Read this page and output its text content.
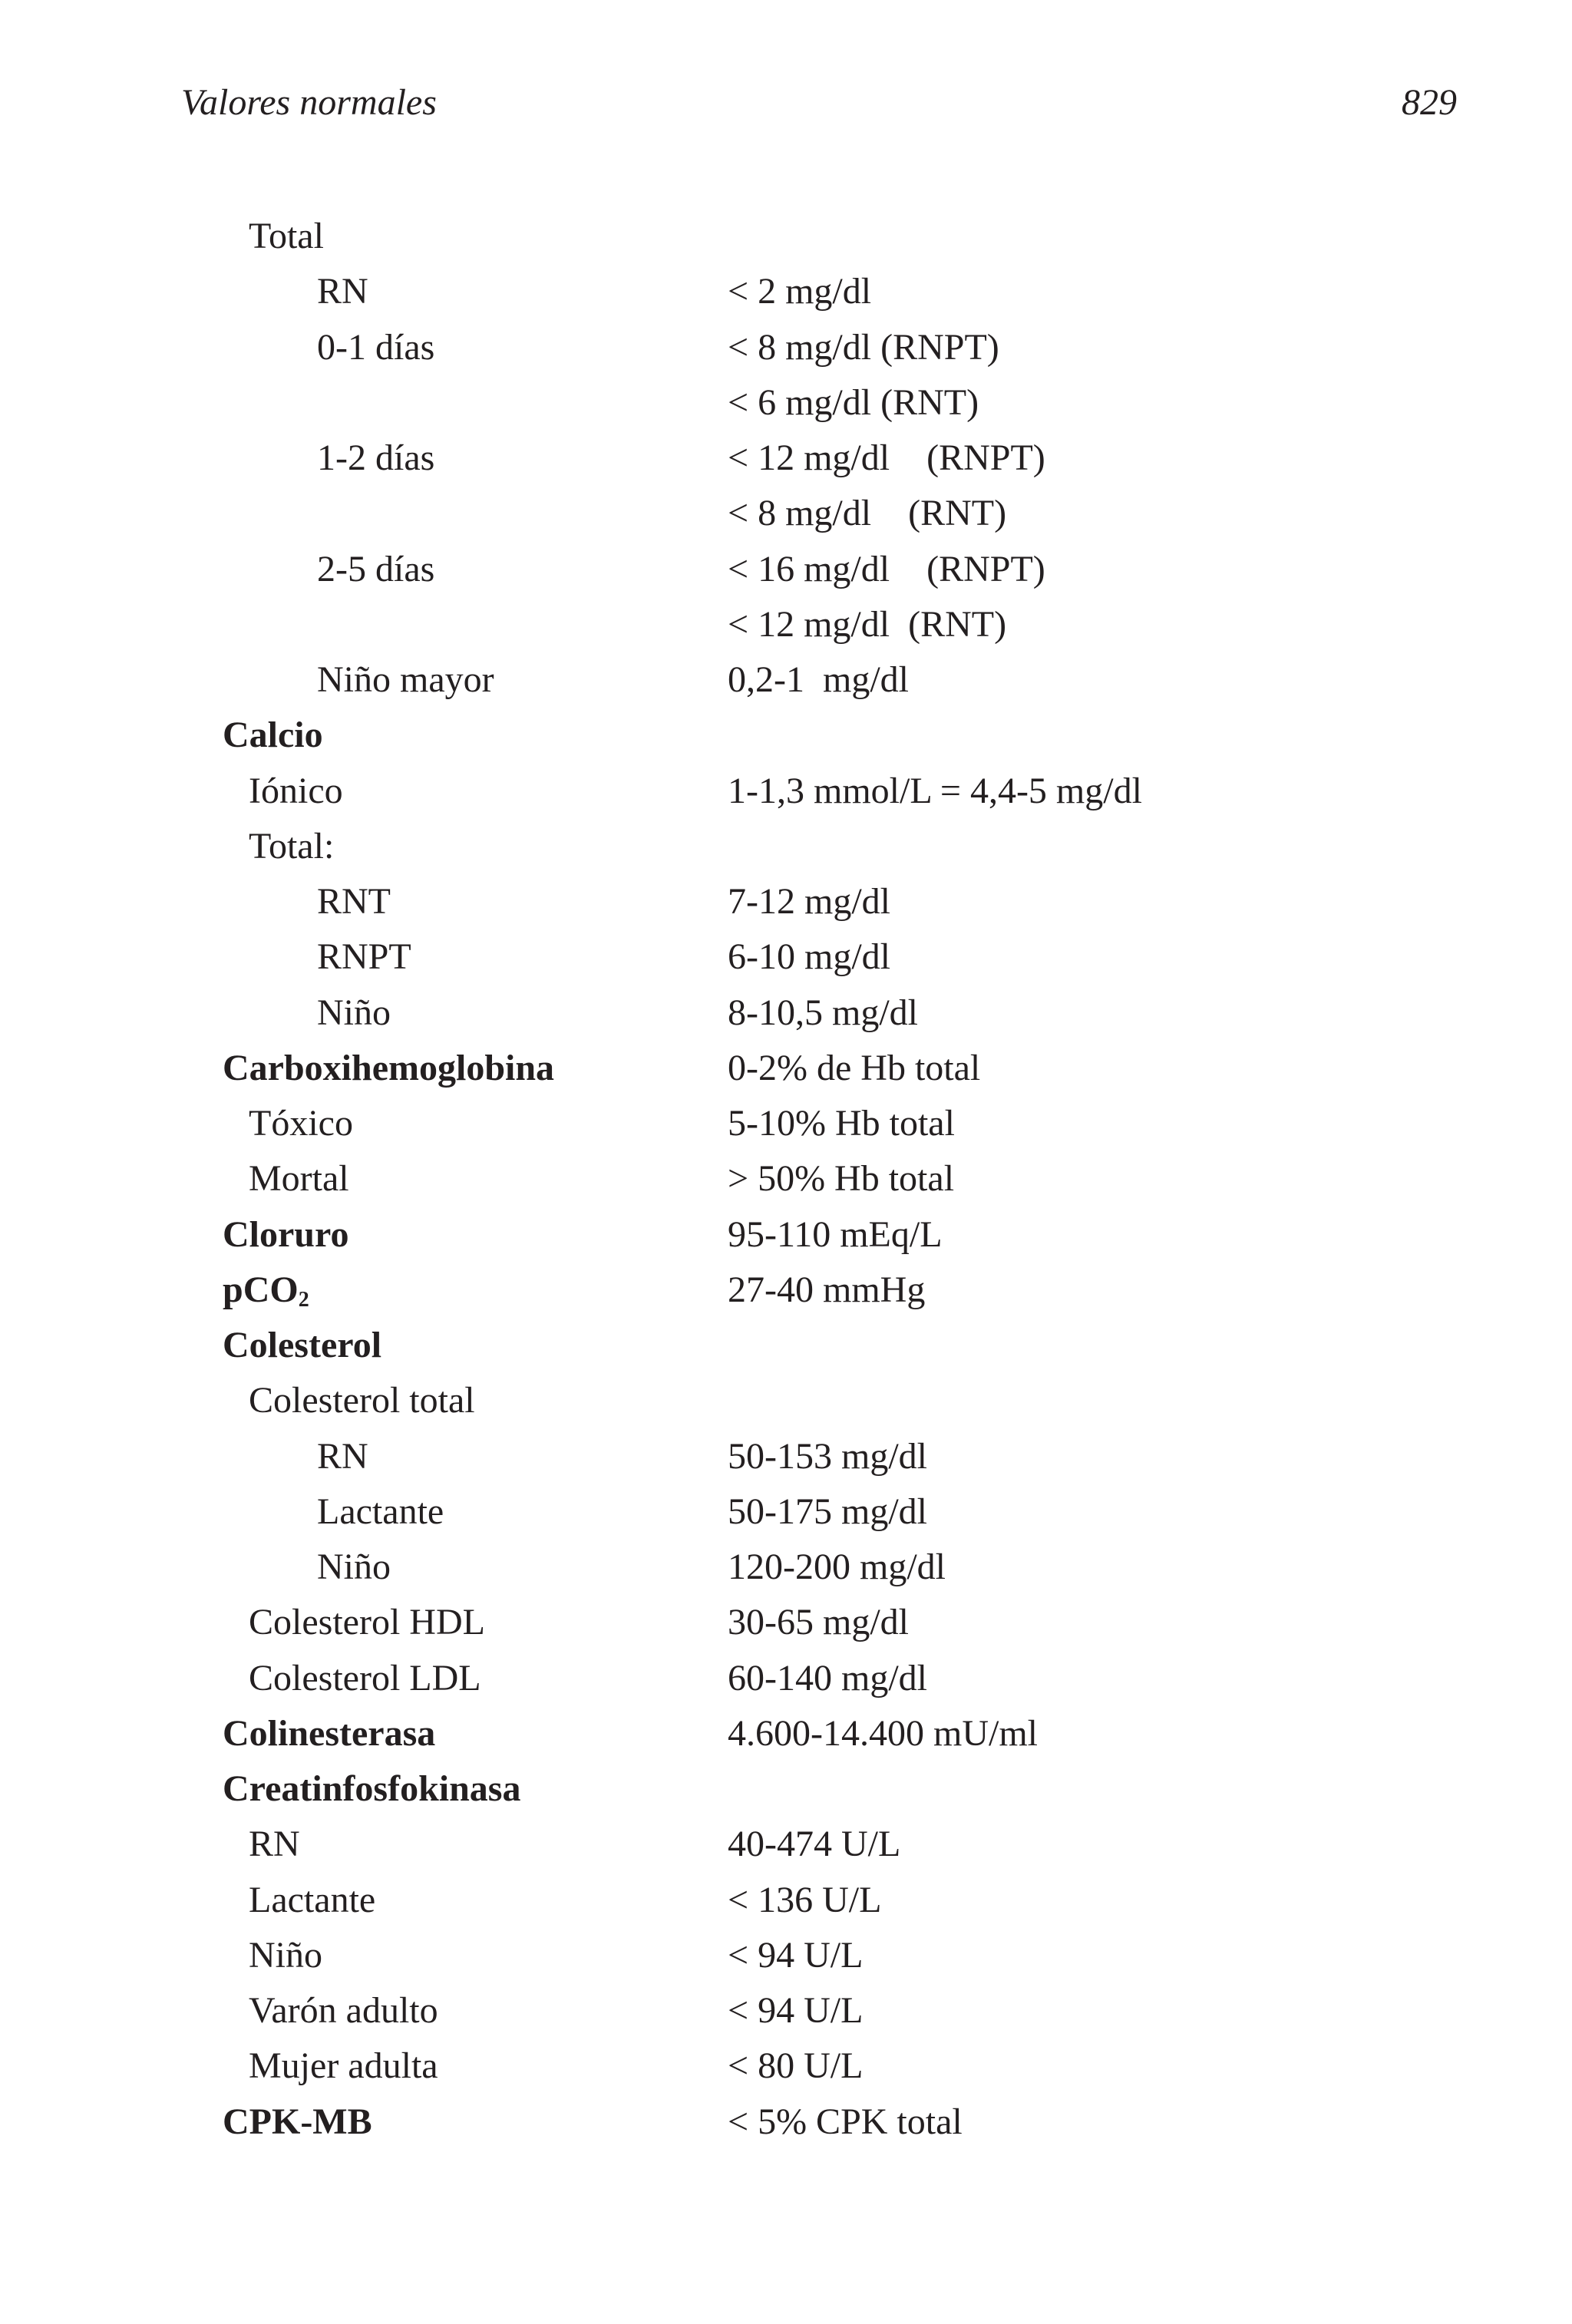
Valores normales	829
Total
RN	< 2 mg/dl
0-1 días	< 8 mg/dl (RNPT)
< 6 mg/dl (RNT)
1-2 días	< 12 mg/dl    (RNPT)
< 8 mg/dl    (RNT)
2-5 días	< 16 mg/dl    (RNPT)
< 12 mg/dl  (RNT)
Niño mayor	0,2-1  mg/dl
Calcio
Iónico	1-1,3 mmol/L = 4,4-5 mg/dl
Total:
RNT	7-12 mg/dl
RNPT	6-10 mg/dl
Niño	8-10,5 mg/dl
Carboxihemoglobina	0-2% de Hb total
Tóxico	5-10% Hb total
Mortal	> 50% Hb total
Cloruro	95-110 mEq/L
pCO$_2$	27-40 mmHg
Colesterol
Colesterol total
RN	50-153 mg/dl
Lactante	50-175 mg/dl
Niño	120-200 mg/dl
Colesterol HDL	30-65 mg/dl
Colesterol LDL	60-140 mg/dl
Colinesterasa	4.600-14.400 mU/ml
Creatinfosfokinasa
RN	40-474 U/L
Lactante	< 136 U/L
Niño	< 94 U/L
Varón adulto	< 94 U/L
Mujer adulta	< 80 U/L
CPK-MB	< 5% CPK total
